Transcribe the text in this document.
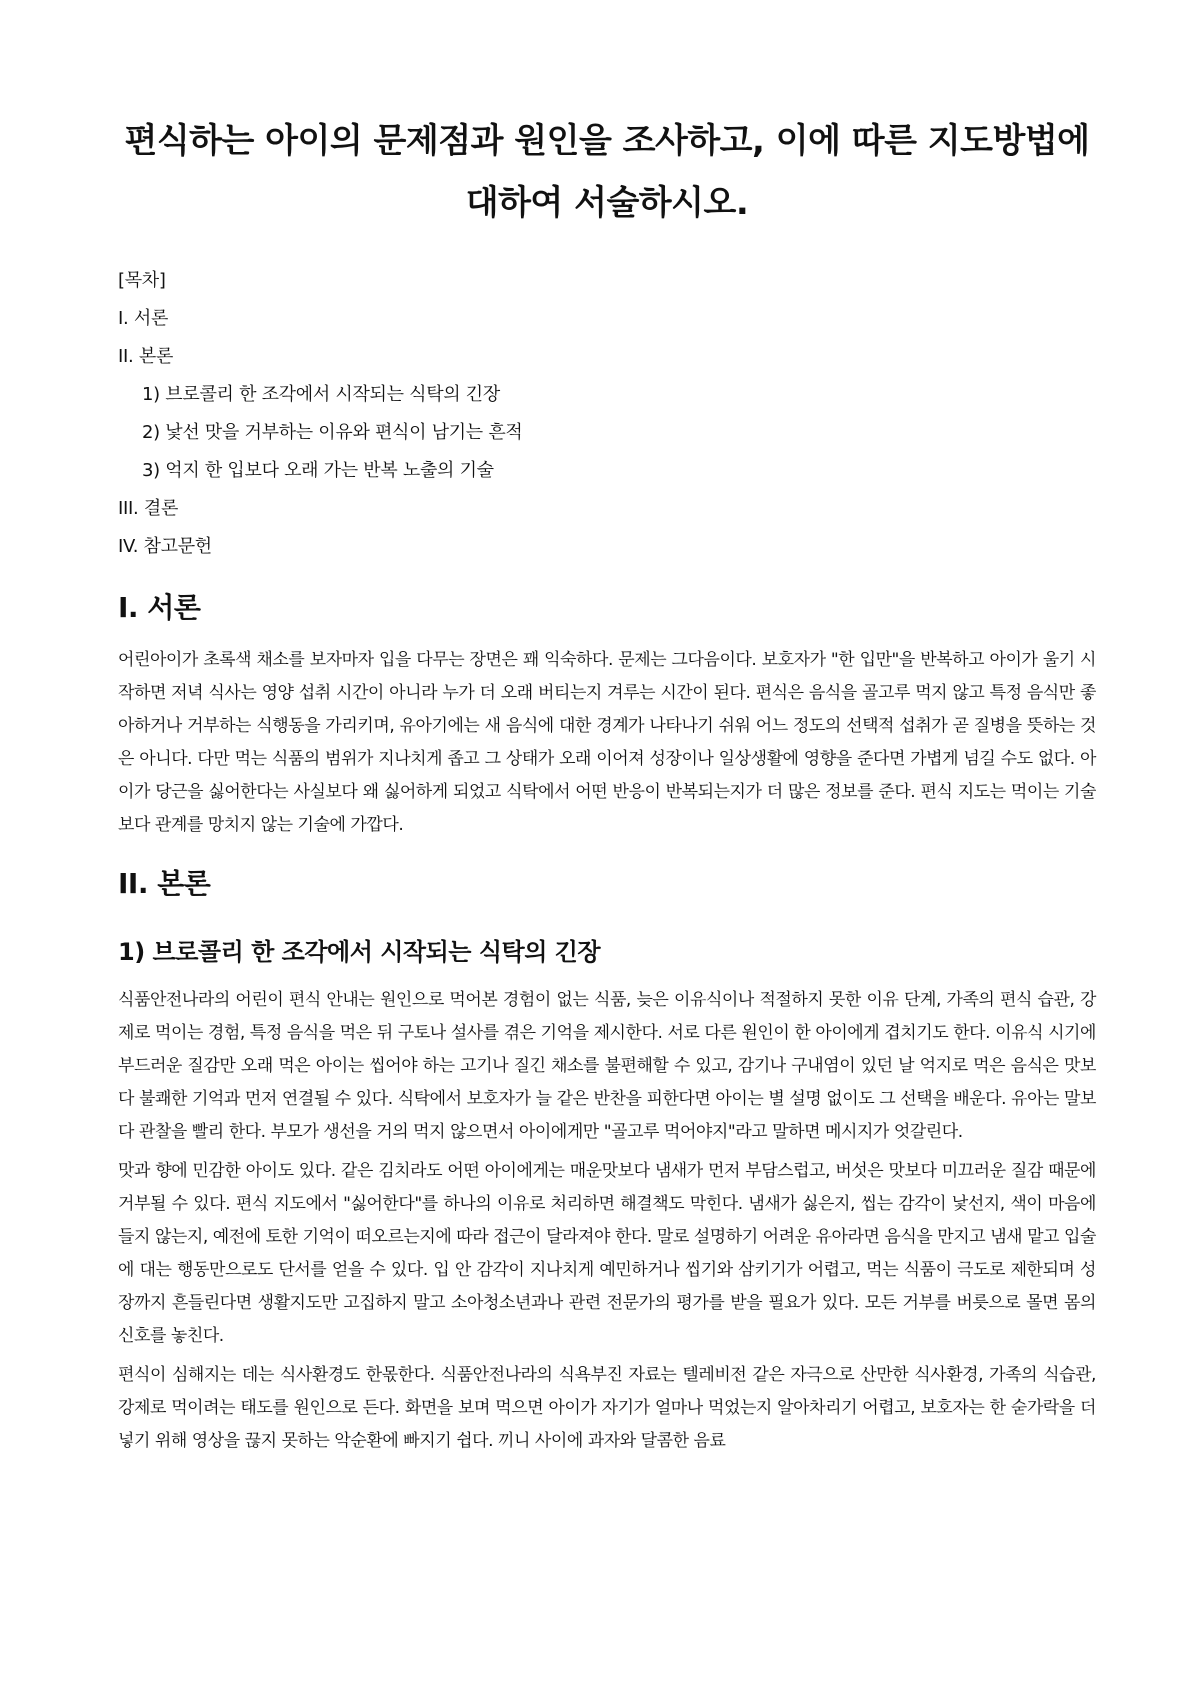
편식하는 아이의 문제점과 원인을 조사하고, 이에 따른 지도방법에 대하여 서술하시오.
[목차]
I. 서론
II. 본론
1) 브로콜리 한 조각에서 시작되는 식탁의 긴장
2) 낯선 맛을 거부하는 이유와 편식이 남기는 흔적
3) 억지 한 입보다 오래 가는 반복 노출의 기술
III. 결론
IV. 참고문헌
I. 서론

어린아이가 초록색 채소를 보자마자 입을 다무는 장면은 꽤 익숙하다. 문제는 그다음이다. 보호자가 "한 입만"을 반복하고 아이가 울기 시작하면 저녁 식사는 영양 섭취 시간이 아니라 누가 더 오래 버티는지 겨루는 시간이 된다. 편식은 음식을 골고루 먹지 않고 특정 음식만 좋아하거나 거부하는 식행동을 가리키며, 유아기에는 새 음식에 대한 경계가 나타나기 쉬워 어느 정도의 선택적 섭취가 곧 질병을 뜻하는 것은 아니다. 다만 먹는 식품의 범위가 지나치게 좁고 그 상태가 오래 이어져 성장이나 일상생활에 영향을 준다면 가볍게 넘길 수도 없다. 아이가 당근을 싫어한다는 사실보다 왜 싫어하게 되었고 식탁에서 어떤 반응이 반복되는지가 더 많은 정보를 준다. 편식 지도는 먹이는 기술보다 관계를 망치지 않는 기술에 가깝다.

II. 본론
1) 브로콜리 한 조각에서 시작되는 식탁의 긴장

식품안전나라의 어린이 편식 안내는 원인으로 먹어본 경험이 없는 식품, 늦은 이유식이나 적절하지 못한 이유 단계, 가족의 편식 습관, 강제로 먹이는 경험, 특정 음식을 먹은 뒤 구토나 설사를 겪은 기억을 제시한다. 서로 다른 원인이 한 아이에게 겹치기도 한다. 이유식 시기에 부드러운 질감만 오래 먹은 아이는 씹어야 하는 고기나 질긴 채소를 불편해할 수 있고, 감기나 구내염이 있던 날 억지로 먹은 음식은 맛보다 불쾌한 기억과 먼저 연결될 수 있다. 식탁에서 보호자가 늘 같은 반찬을 피한다면 아이는 별 설명 없이도 그 선택을 배운다. 유아는 말보다 관찰을 빨리 한다. 부모가 생선을 거의 먹지 않으면서 아이에게만 "골고루 먹어야지"라고 말하면 메시지가 엇갈린다.

맛과 향에 민감한 아이도 있다. 같은 김치라도 어떤 아이에게는 매운맛보다 냄새가 먼저 부담스럽고, 버섯은 맛보다 미끄러운 질감 때문에 거부될 수 있다. 편식 지도에서 "싫어한다"를 하나의 이유로 처리하면 해결책도 막힌다. 냄새가 싫은지, 씹는 감각이 낯선지, 색이 마음에 들지 않는지, 예전에 토한 기억이 떠오르는지에 따라 접근이 달라져야 한다. 말로 설명하기 어려운 유아라면 음식을 만지고 냄새 맡고 입술에 대는 행동만으로도 단서를 얻을 수 있다. 입 안 감각이 지나치게 예민하거나 씹기와 삼키기가 어렵고, 먹는 식품이 극도로 제한되며 성장까지 흔들린다면 생활지도만 고집하지 말고 소아청소년과나 관련 전문가의 평가를 받을 필요가 있다. 모든 거부를 버릇으로 몰면 몸의 신호를 놓친다.

편식이 심해지는 데는 식사환경도 한몫한다. 식품안전나라의 식욕부진 자료는 텔레비전 같은 자극으로 산만한 식사환경, 가족의 식습관, 강제로 먹이려는 태도를 원인으로 든다. 화면을 보며 먹으면 아이가 자기가 얼마나 먹었는지 알아차리기 어렵고, 보호자는 한 숟가락을 더 넣기 위해 영상을 끊지 못하는 악순환에 빠지기 쉽다. 끼니 사이에 과자와 달콤한 음료
